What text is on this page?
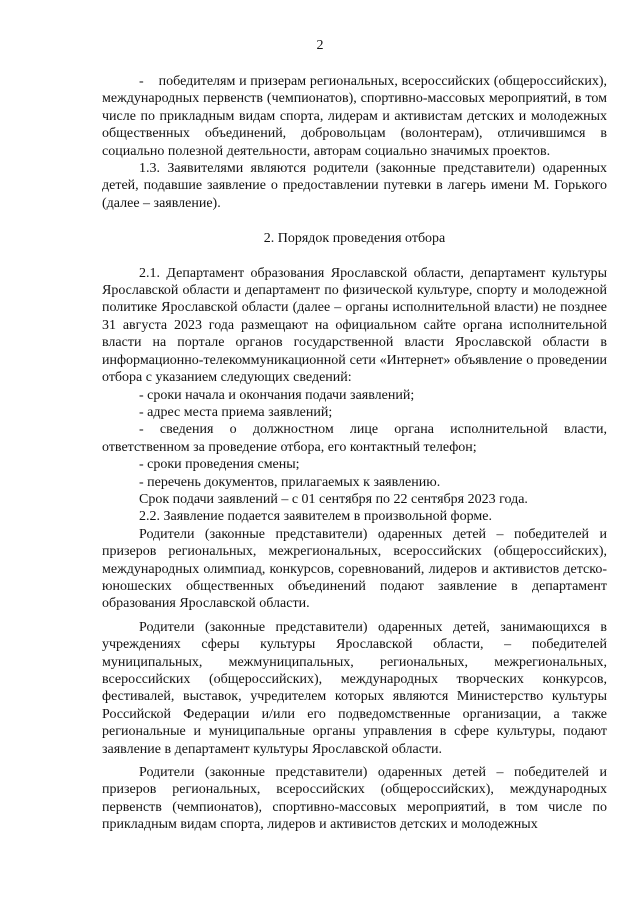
2

-    победителям и призерам региональных, всероссийских (общероссийских), международных первенств (чемпионатов), спортивно-массовых мероприятий, в том числе по прикладным видам спорта, лидерам и активистам детских и молодежных общественных объединений, добровольцам (волонтерам), отличившимся в социально полезной деятельности, авторам социально значимых проектов.

1.3. Заявителями являются родители (законные представители) одаренных детей, подавшие заявление о предоставлении путевки в лагерь имени М. Горького (далее – заявление).

2. Порядок проведения отбора

2.1. Департамент образования Ярославской области, департамент культуры Ярославской области и департамент по физической культуре, спорту и молодежной политике Ярославской области (далее – органы исполнительной власти) не позднее 31 августа 2023 года размещают на официальном сайте органа исполнительной власти на портале органов государственной власти Ярославской области в информационно-телекоммуникационной сети «Интернет» объявление о проведении отбора с указанием следующих сведений:

- сроки начала и окончания подачи заявлений;

- адрес места приема заявлений;

- сведения о должностном лице органа исполнительной власти, ответственном за проведение отбора, его контактный телефон;

- сроки проведения смены;

- перечень документов, прилагаемых к заявлению.

Срок подачи заявлений – с 01 сентября по 22 сентября 2023 года.

2.2. Заявление подается заявителем в произвольной форме.

Родители (законные представители) одаренных детей – победителей и призеров региональных, межрегиональных, всероссийских (общероссийских), международных олимпиад, конкурсов, соревнований, лидеров и активистов детско-юношеских общественных объединений подают заявление в департамент образования Ярославской области.

Родители (законные представители) одаренных детей, занимающихся в учреждениях сферы культуры Ярославской области, – победителей муниципальных, межмуниципальных, региональных, межрегиональных, всероссийских (общероссийских), международных творческих конкурсов, фестивалей, выставок, учредителем которых являются Министерство культуры Российской Федерации и/или его подведомственные организации, а также региональные и муниципальные органы управления в сфере культуры, подают заявление в департамент культуры Ярославской области.

Родители (законные представители) одаренных детей – победителей и призеров региональных, всероссийских (общероссийских), международных первенств (чемпионатов), спортивно-массовых мероприятий, в том числе по прикладным видам спорта, лидеров и активистов детских и молодежных
